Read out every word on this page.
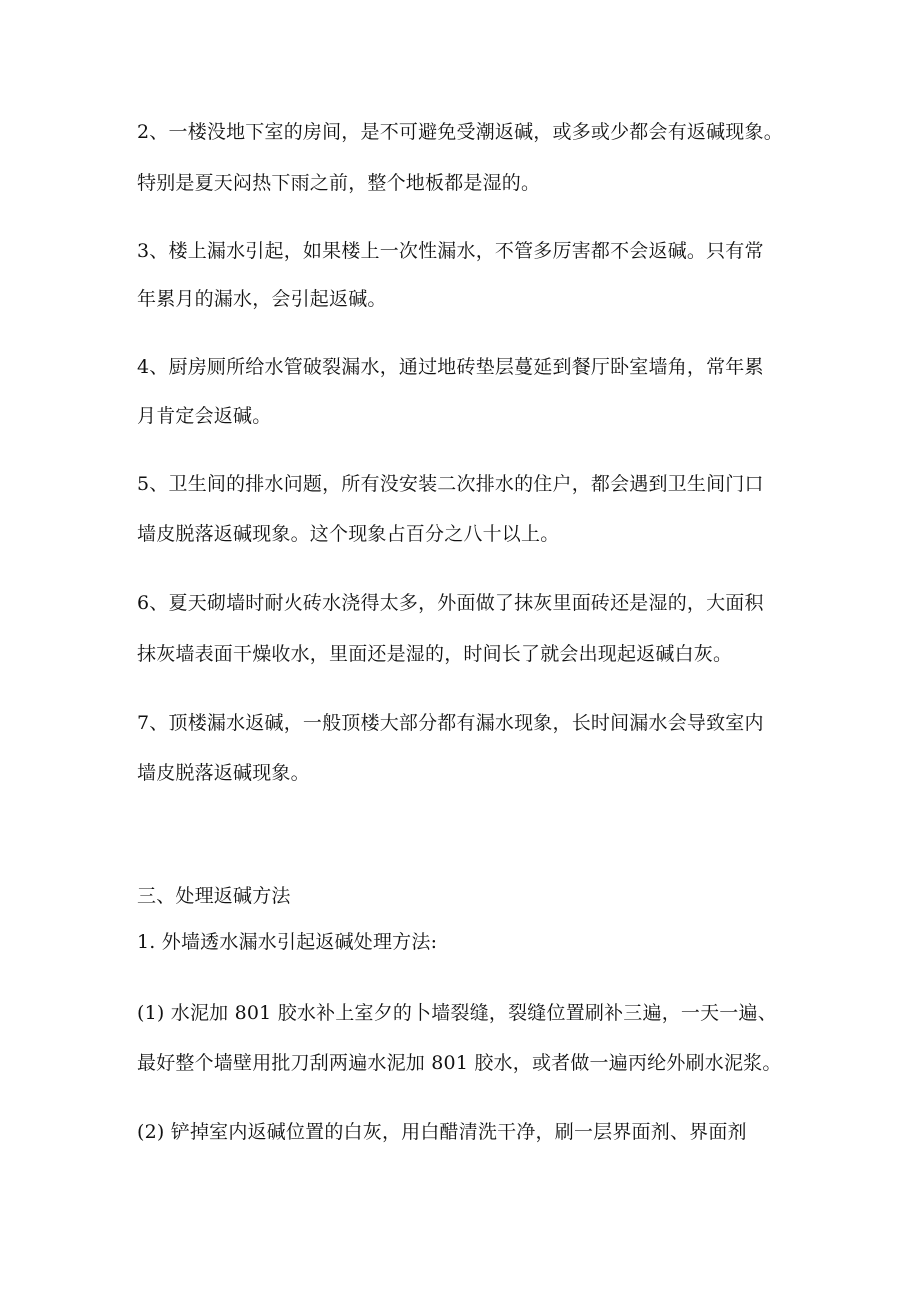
2、一楼没地下室的房间，是不可避免受潮返碱，或多或少都会有返碱现象。
特别是夏天闷热下雨之前，整个地板都是湿的。
3、楼上漏水引起，如果楼上一次性漏水，不管多厉害都不会返碱。只有常
年累月的漏水，会引起返碱。
4、厨房厕所给水管破裂漏水，通过地砖垫层蔓延到餐厅卧室墙角，常年累
月肯定会返碱。
5、卫生间的排水问题，所有没安装二次排水的住户，都会遇到卫生间门口
墙皮脱落返碱现象。这个现象占百分之八十以上。
6、夏天砌墙时耐火砖水浇得太多，外面做了抹灰里面砖还是湿的，大面积
抹灰墙表面干燥收水，里面还是湿的，时间长了就会出现起返碱白灰。
7、顶楼漏水返碱，一般顶楼大部分都有漏水现象，长时间漏水会导致室内
墙皮脱落返碱现象。
三、处理返碱方法
1. 外墙透水漏水引起返碱处理方法:
(1) 水泥加 801 胶水补上室夕的卜墙裂缝，裂缝位置刷补三遍，一天一遍、
最好整个墙壁用批刀刮两遍水泥加 801 胶水，或者做一遍丙纶外刷水泥浆。
(2) 铲掉室内返碱位置的白灰，用白醋清洗干净，刷一层界面剂、界面剂
